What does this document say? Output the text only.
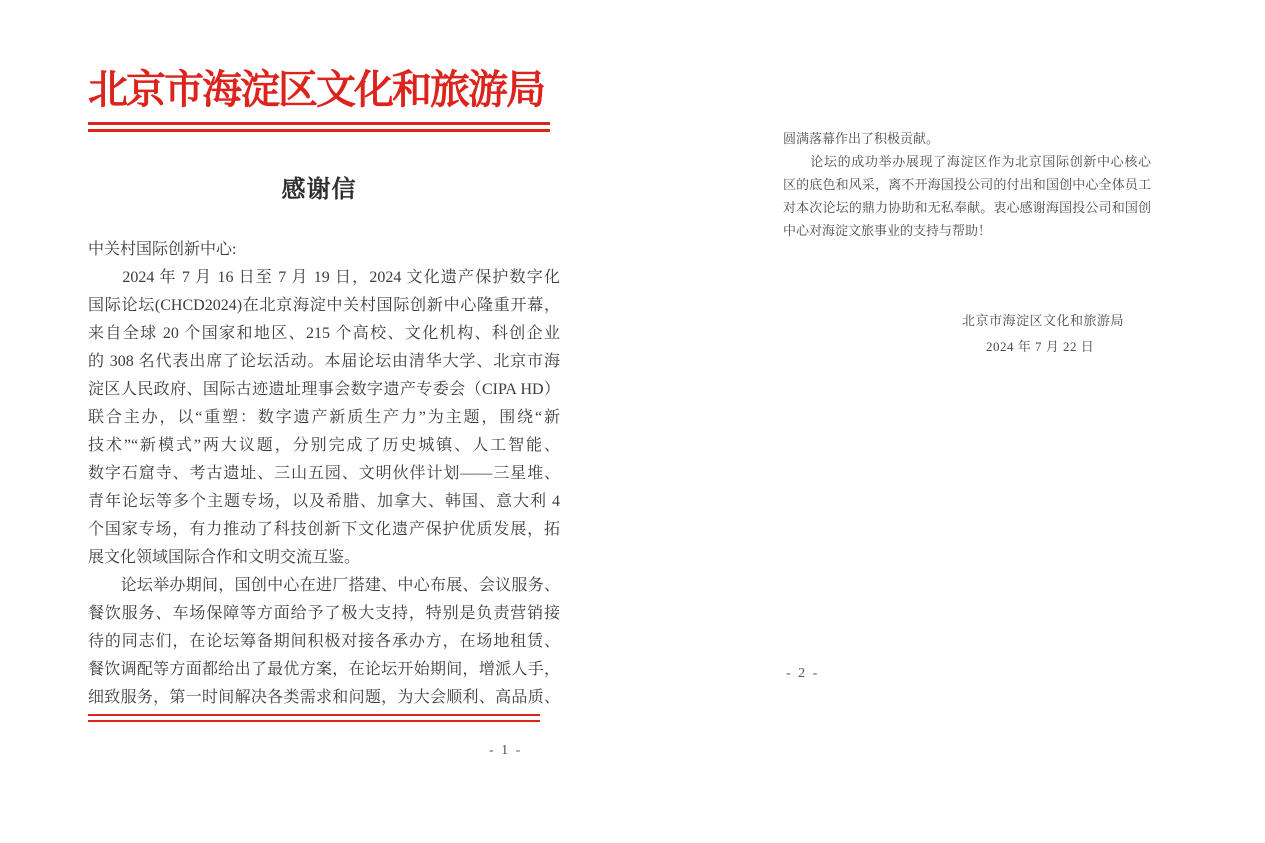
北京市海淀区文化和旅游局
感谢信
中关村国际创新中心:
　　2024 年 7 月 16 日至 7 月 19 日，2024 文化遗产保护数字化
国际论坛(CHCD2024)在北京海淀中关村国际创新中心隆重开幕，
来自全球 20 个国家和地区、215 个高校、文化机构、科创企业
的 308 名代表出席了论坛活动。本届论坛由清华大学、北京市海
淀区人民政府、国际古迹遗址理事会数字遗产专委会（CIPA HD）
联合主办，以“重塑：数字遗产新质生产力”为主题，围绕“新
技术”“新模式”两大议题，分别完成了历史城镇、人工智能、
数字石窟寺、考古遗址、三山五园、文明伙伴计划——三星堆、
青年论坛等多个主题专场，以及希腊、加拿大、韩国、意大利 4
个国家专场，有力推动了科技创新下文化遗产保护优质发展，拓
展文化领域国际合作和文明交流互鉴。
　　论坛举办期间，国创中心在进厂搭建、中心布展、会议服务、
餐饮服务、车场保障等方面给予了极大支持，特别是负责营销接
待的同志们，在论坛筹备期间积极对接各承办方，在场地租赁、
餐饮调配等方面都给出了最优方案，在论坛开始期间，增派人手，
细致服务，第一时间解决各类需求和问题，为大会顺利、高品质、
- 1 -
圆满落幕作出了积极贡献。
　　论坛的成功举办展现了海淀区作为北京国际创新中心核心
区的底色和风采，离不开海国投公司的付出和国创中心全体员工
对本次论坛的鼎力协助和无私奉献。衷心感谢海国投公司和国创
中心对海淀文旅事业的支持与帮助！
北京市海淀区文化和旅游局
2024 年 7 月 22 日
- 2 -
